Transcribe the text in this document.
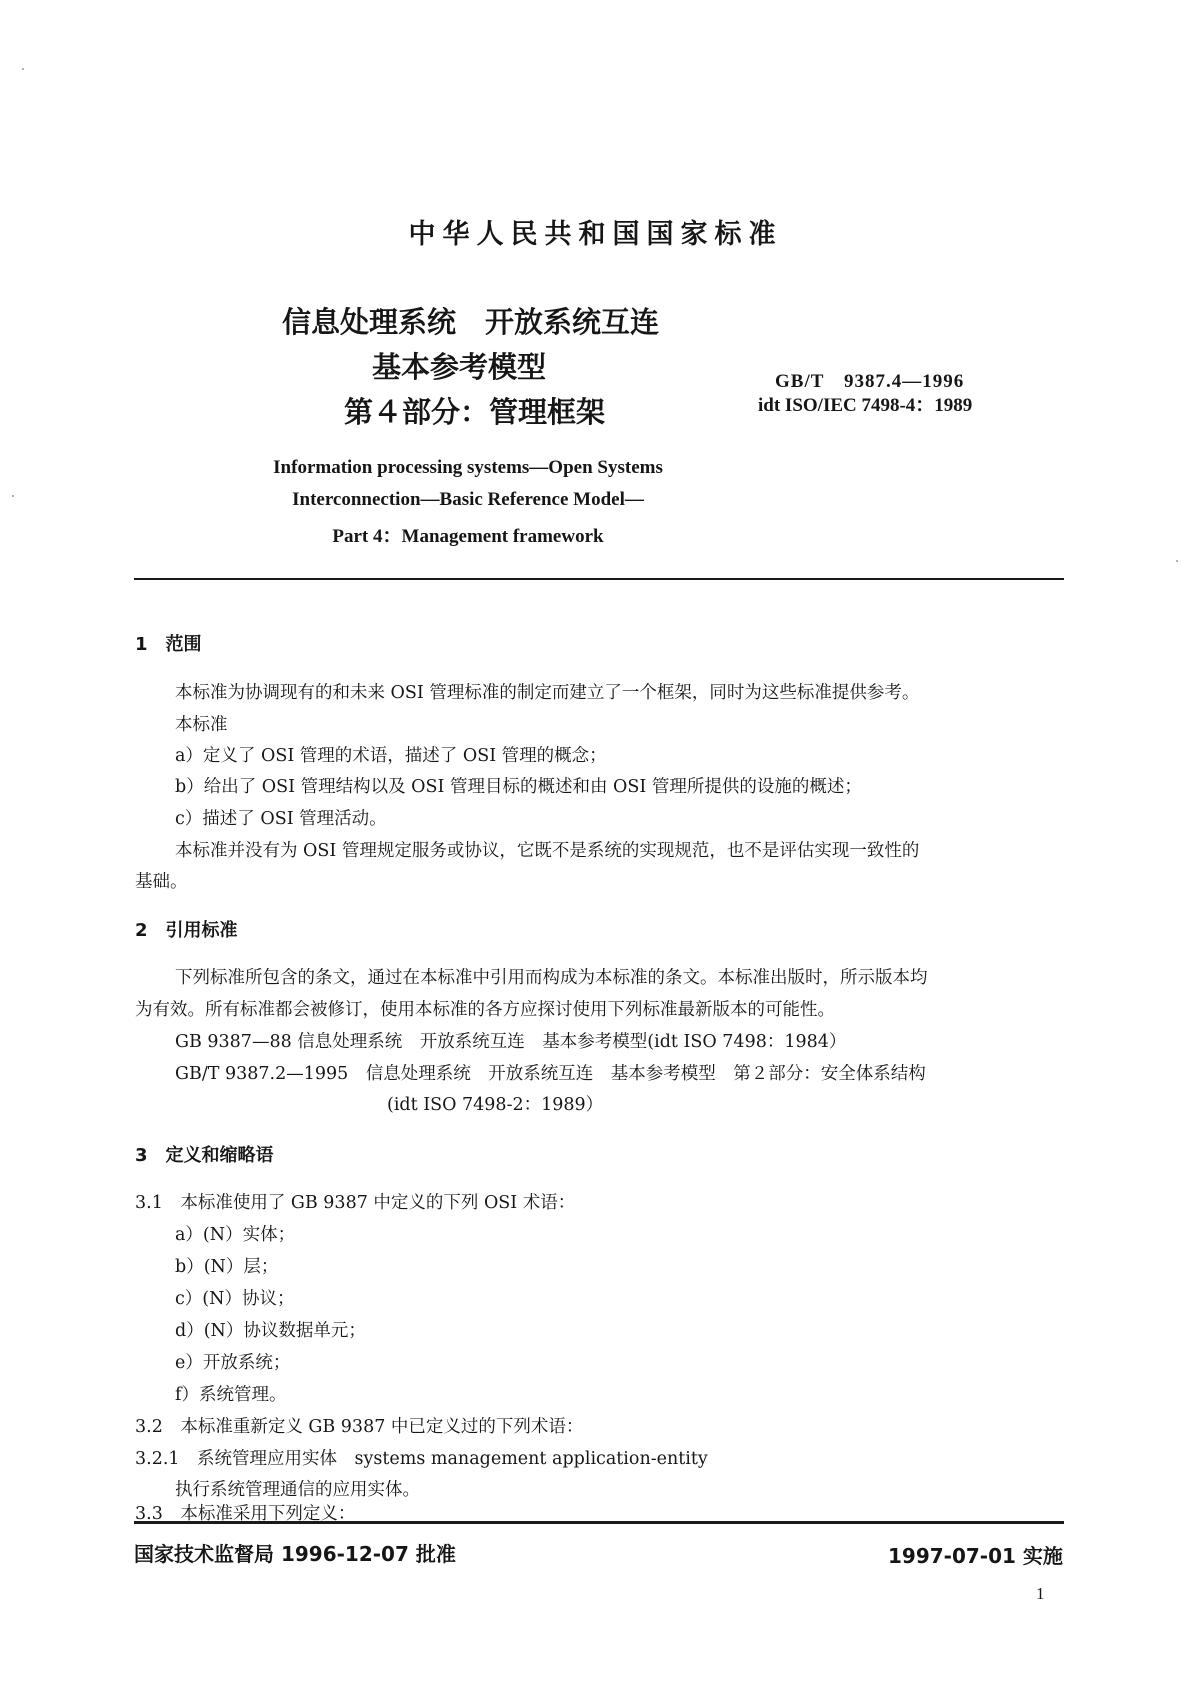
中华人民共和国国家标准
信息处理系统　开放系统互连
基本参考模型
第４部分：管理框架
GB/T　9387.4—1996
idt ISO/IEC 7498-4：1989
Information processing systems—Open Systems
Interconnection—Basic Reference Model—
Part 4：Management framework
1　范围
本标准为协调现有的和未来 OSI 管理标准的制定而建立了一个框架，同时为这些标准提供参考。
本标准
a）定义了 OSI 管理的术语，描述了 OSI 管理的概念；
b）给出了 OSI 管理结构以及 OSI 管理目标的概述和由 OSI 管理所提供的设施的概述；
c）描述了 OSI 管理活动。
本标准并没有为 OSI 管理规定服务或协议，它既不是系统的实现规范，也不是评估实现一致性的
基础。
2　引用标准
下列标准所包含的条文，通过在本标准中引用而构成为本标准的条文。本标准出版时，所示版本均
为有效。所有标准都会被修订，使用本标准的各方应探讨使用下列标准最新版本的可能性。
GB 9387—88 信息处理系统　开放系统互连　基本参考模型(idt ISO 7498：1984）
GB/T 9387.2—1995　信息处理系统　开放系统互连　基本参考模型　第２部分：安全体系结构
(idt ISO 7498-2：1989）
3　定义和缩略语
3.1　本标准使用了 GB 9387 中定义的下列 OSI 术语：
a）(N）实体；
b）(N）层；
c）(N）协议；
d）(N）协议数据单元；
e）开放系统；
f）系统管理。
3.2　本标准重新定义 GB 9387 中已定义过的下列术语：
3.2.1　系统管理应用实体　systems management application-entity
执行系统管理通信的应用实体。
3.3　本标准采用下列定义：
国家技术监督局 1996-12-07 批准	1997-07-01 实施
1
